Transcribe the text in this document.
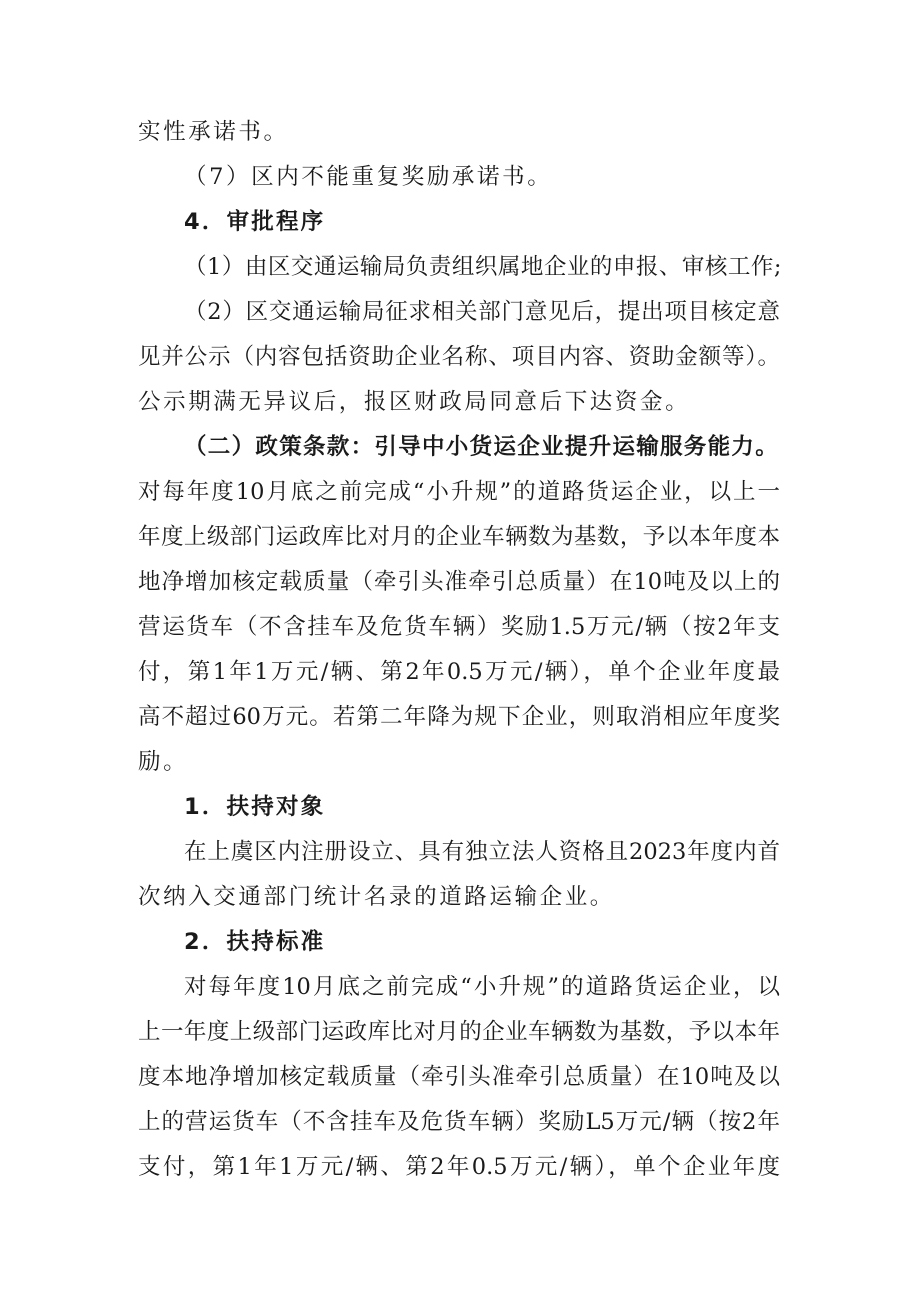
实性承诺书。
（7）区内不能重复奖励承诺书。
4．审批程序
（1）由区交通运输局负责组织属地企业的申报、审核工作;
（2）区交通运输局征求相关部门意见后，提出项目核定意
见并公示（内容包括资助企业名称、项目内容、资助金额等）。
公示期满无异议后，报区财政局同意后下达资金。
（二）政策条款：引导中小货运企业提升运输服务能力。
对每年度10月底之前完成“小升规”的道路货运企业，以上一
年度上级部门运政库比对月的企业车辆数为基数，予以本年度本
地净增加核定载质量（牵引头准牵引总质量）在10吨及以上的
营运货车（不含挂车及危货车辆）奖励1.5万元/辆（按2年支
付，第1年1万元/辆、第2年0.5万元/辆），单个企业年度最
高不超过60万元。若第二年降为规下企业，则取消相应年度奖
励。
1．扶持对象
在上虞区内注册设立、具有独立法人资格且2023年度内首
次纳入交通部门统计名录的道路运输企业。
2．扶持标准
对每年度10月底之前完成“小升规”的道路货运企业，以
上一年度上级部门运政库比对月的企业车辆数为基数，予以本年
度本地净增加核定载质量（牵引头准牵引总质量）在10吨及以
上的营运货车（不含挂车及危货车辆）奖励L5万元/辆（按2年
支付，第1年1万元/辆、第2年0.5万元/辆），单个企业年度
